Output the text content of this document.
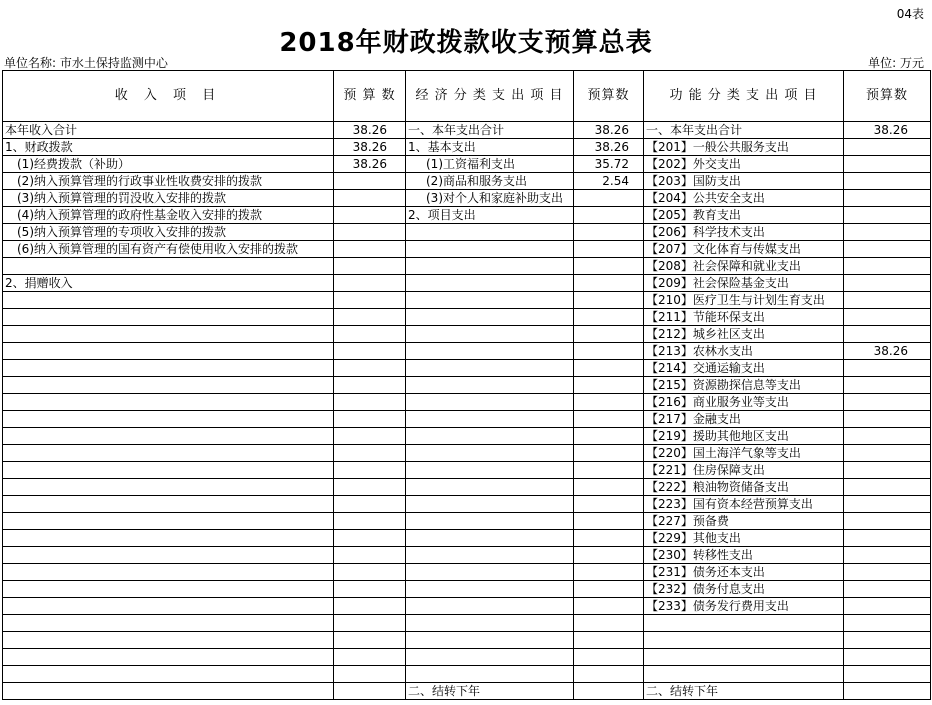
04表
2018年财政拨款收支预算总表
单位名称: 市水土保持监测中心	单位: 万元
收 入 项 目	预 算 数	经 济 分 类 支 出 项 目	预算数	功 能 分 类 支 出 项 目	预算数
本年收入合计	38.26	一、本年支出合计	38.26	一、本年支出合计	38.26
1、财政拨款	38.26	1、基本支出	38.26	【201】一般公共服务支出	
(1)经费拨款（补助）	38.26	(1)工资福利支出	35.72	【202】外交支出	
(2)纳入预算管理的行政事业性收费安排的拨款		(2)商品和服务支出	2.54	【203】国防支出	
(3)纳入预算管理的罚没收入安排的拨款		(3)对个人和家庭补助支出		【204】公共安全支出	
(4)纳入预算管理的政府性基金收入安排的拨款		2、项目支出		【205】教育支出	
(5)纳入预算管理的专项收入安排的拨款				【206】科学技术支出	
(6)纳入预算管理的国有资产有偿使用收入安排的拨款				【207】文化体育与传媒支出	
				【208】社会保障和就业支出	
2、捐赠收入				【209】社会保险基金支出	
				【210】医疗卫生与计划生育支出	
				【211】节能环保支出	
				【212】城乡社区支出	
				【213】农林水支出	38.26
				【214】交通运输支出	
				【215】资源勘探信息等支出	
				【216】商业服务业等支出	
				【217】金融支出	
				【219】援助其他地区支出	
				【220】国土海洋气象等支出	
				【221】住房保障支出	
				【222】粮油物资储备支出	
				【223】国有资本经营预算支出	
				【227】预备费	
				【229】其他支出	
				【230】转移性支出	
				【231】债务还本支出	
				【232】债务付息支出	
				【233】债务发行费用支出	

		二、结转下年		二、结转下年	
